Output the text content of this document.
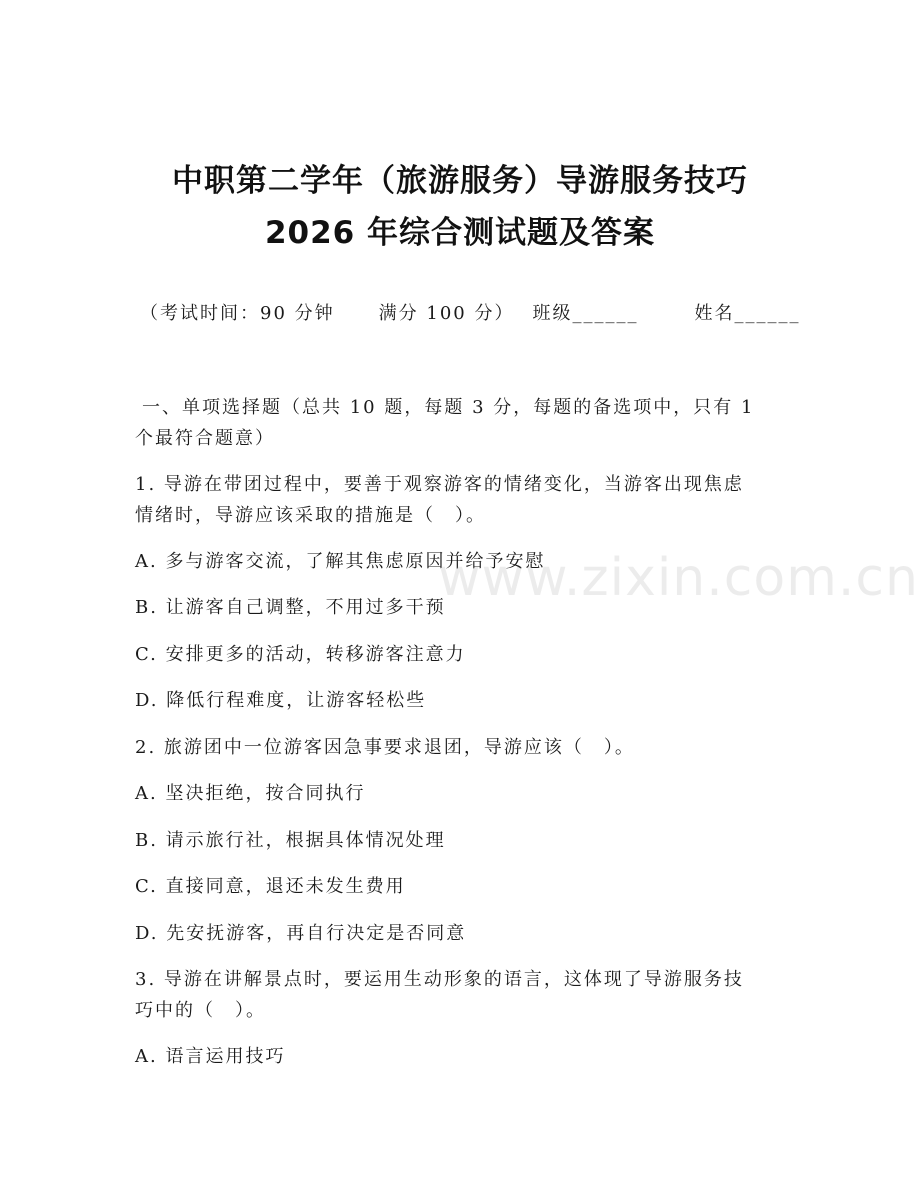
中职第二学年（旅游服务）导游服务技巧
2026 年综合测试题及答案
（考试时间：90 分钟 满分 100 分） 班级______	姓名______
一、单项选择题（总共 10 题，每题 3 分，每题的备选项中，只有 1
个最符合题意）
1. 导游在带团过程中，要善于观察游客的情绪变化，当游客出现焦虑
情绪时，导游应该采取的措施是（　）。
A. 多与游客交流，了解其焦虑原因并给予安慰
B. 让游客自己调整，不用过多干预
C. 安排更多的活动，转移游客注意力
D. 降低行程难度，让游客轻松些
2. 旅游团中一位游客因急事要求退团，导游应该（　）。
A. 坚决拒绝，按合同执行
B. 请示旅行社，根据具体情况处理
C. 直接同意，退还未发生费用
D. 先安抚游客，再自行决定是否同意
3. 导游在讲解景点时，要运用生动形象的语言，这体现了导游服务技
巧中的（　）。
A. 语言运用技巧
www.zixin.com.cn
